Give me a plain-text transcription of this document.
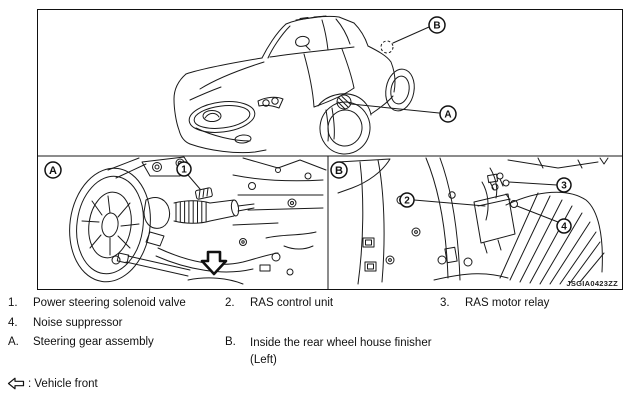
B
A
A	1	B
2
3
4
JSGIA0423ZZ
1. Power steering solenoid valve	2. RAS control unit	3. RAS motor relay
4. Noise suppressor
A. Steering gear assembly	B. Inside the rear wheel house finisher (Left)
: Vehicle front
